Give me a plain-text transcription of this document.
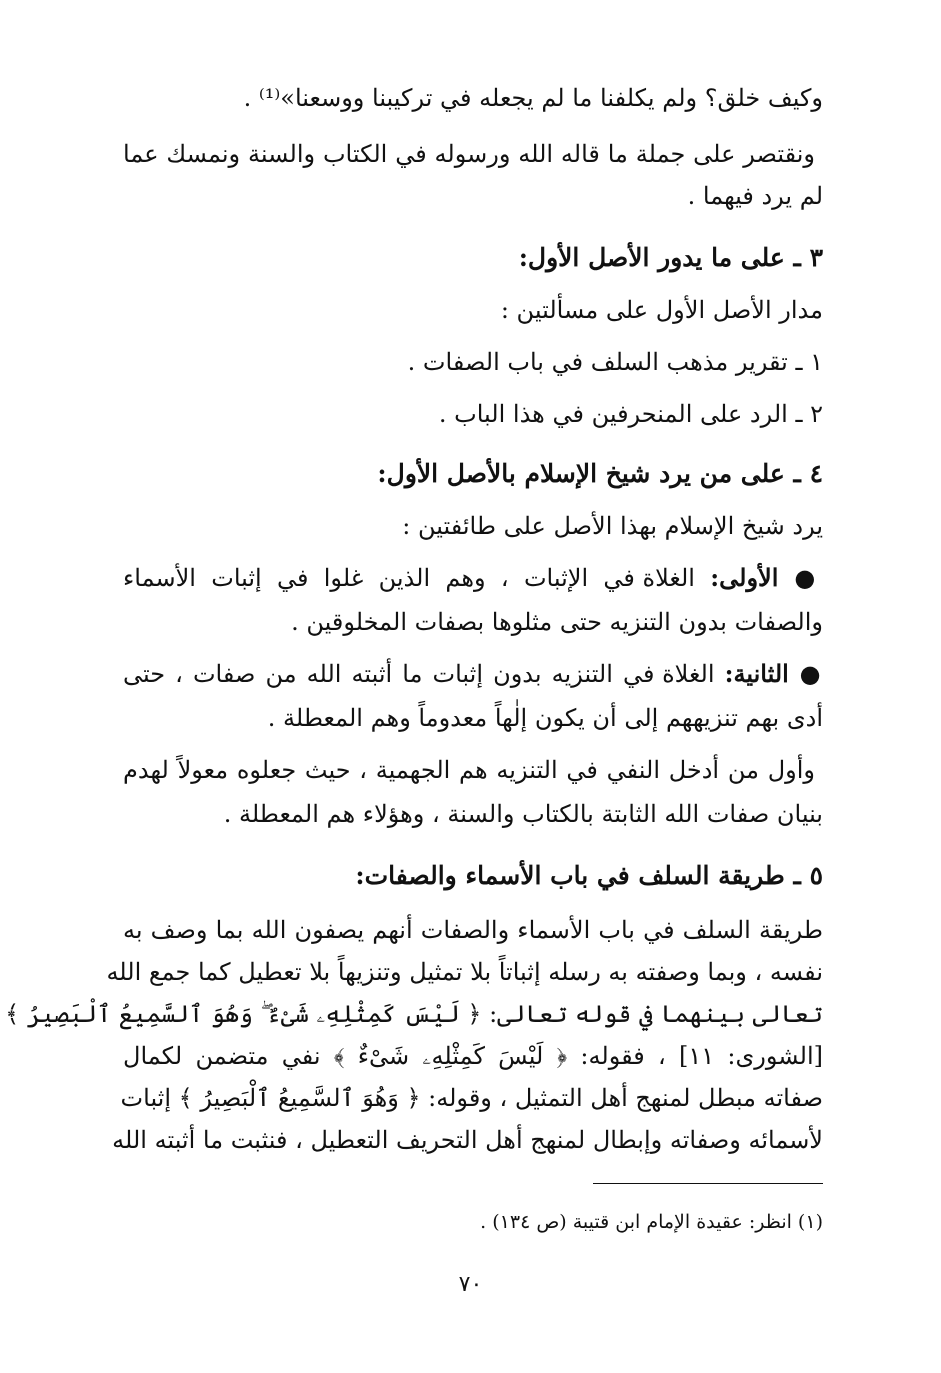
وكيف خلق؟ ولم يكلفنا ما لم يجعله في تركيبنا ووسعنا»⁽¹⁾ .
ونقتصر على جملة ما قاله الله ورسوله في الكتاب والسنة ونمسك عما
لم يرد فيهما .
٣ ـ على ما يدور الأصل الأول:
مدار الأصل الأول على مسألتين :
١ ـ تقرير مذهب السلف في باب الصفات .
٢ ـ الرد على المنحرفين في هذا الباب .
٤ ـ على من يرد شيخ الإسلام بالأصل الأول:
يرد شيخ الإسلام بهذا الأصل على طائفتين :
● الأولى: الغلاة في الإثبات ، وهم الذين غلوا في إثبات الأسماء
والصفات بدون التنزيه حتى مثلوها بصفات المخلوقين .
● الثانية: الغلاة في التنزيه بدون إثبات ما أثبته الله من صفات ، حتى
أدى بهم تنزيههم إلى أن يكون إلٰهاً معدوماً وهم المعطلة .
وأول من أدخل النفي في التنزيه هم الجهمية ، حيث جعلوه معولاً لهدم
بنيان صفات الله الثابتة بالكتاب والسنة ، وهؤلاء هم المعطلة .
٥ ـ طريقة السلف في باب الأسماء والصفات:
طريقة السلف في باب الأسماء والصفات أنهم يصفون الله بما وصف به
نفسه ، وبما وصفته به رسله إثباتاً بلا تمثيل وتنزيهاً بلا تعطيل كما جمع الله
تعالى بينهما في قوله تعالى: ﴿ لَيْسَ كَمِثْلِهِۦ شَىْءٌ ۖ وَهُوَ ٱلسَّمِيعُ ٱلْبَصِيرُ ﴾
[الشورى: ١١] ، فقوله: ﴿ لَيْسَ كَمِثْلِهِۦ شَىْءٌ ﴾ نفي متضمن لكمال
صفاته مبطل لمنهج أهل التمثيل ، وقوله: ﴿ وَهُوَ ٱلسَّمِيعُ ٱلْبَصِيرُ ﴾ إثبات
لأسمائه وصفاته وإبطال لمنهج أهل التحريف التعطيل ، فنثبت ما أثبته الله
(١) انظر: عقيدة الإمام ابن قتيبة (ص ١٣٤) .
٧٠
